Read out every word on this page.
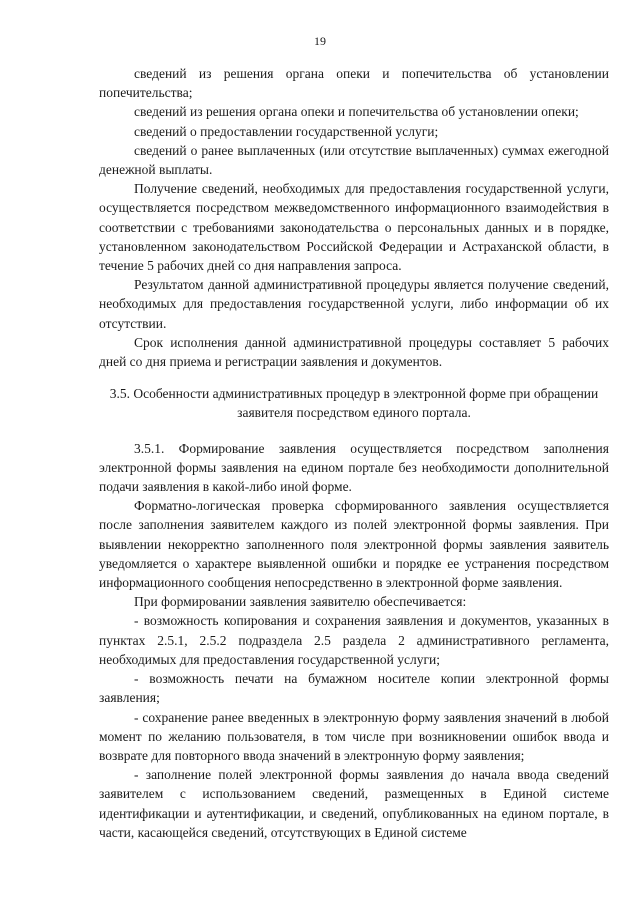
19

сведений из решения органа опеки и попечительства об установлении попечительства;

сведений из решения органа опеки и попечительства об установлении опеки;

сведений о предоставлении государственной услуги;

сведений о ранее выплаченных (или отсутствие выплаченных) суммах ежегодной денежной выплаты.

Получение сведений, необходимых для предоставления государственной услуги, осуществляется посредством межведомственного информационного взаимодействия в соответствии с требованиями законодательства о персональных данных и в порядке, установленном законодательством Российской Федерации и Астраханской области, в течение 5 рабочих дней со дня направления запроса.

Результатом данной административной процедуры является получение сведений, необходимых для предоставления государственной услуги, либо информации об их отсутствии.

Срок исполнения данной административной процедуры составляет 5 рабочих дней со дня приема и регистрации заявления и документов.

3.5. Особенности административных процедур в электронной форме при обращении заявителя посредством единого портала.

3.5.1. Формирование заявления осуществляется посредством заполнения электронной формы заявления на едином портале без необходимости дополнительной подачи заявления в какой-либо иной форме.

Форматно-логическая проверка сформированного заявления осуществляется после заполнения заявителем каждого из полей электронной формы заявления. При выявлении некорректно заполненного поля электронной формы заявления заявитель уведомляется о характере выявленной ошибки и порядке ее устранения посредством информационного сообщения непосредственно в электронной форме заявления.

При формировании заявления заявителю обеспечивается:

- возможность копирования и сохранения заявления и документов, указанных в пунктах 2.5.1, 2.5.2 подраздела 2.5 раздела 2 административного регламента, необходимых для предоставления государственной услуги;

- возможность печати на бумажном носителе копии электронной формы заявления;

- сохранение ранее введенных в электронную форму заявления значений в любой момент по желанию пользователя, в том числе при возникновении ошибок ввода и возврате для повторного ввода значений в электронную форму заявления;

- заполнение полей электронной формы заявления до начала ввода сведений заявителем с использованием сведений, размещенных в Единой системе идентификации и аутентификации, и сведений, опубликованных на едином портале, в части, касающейся сведений, отсутствующих в Единой системе
